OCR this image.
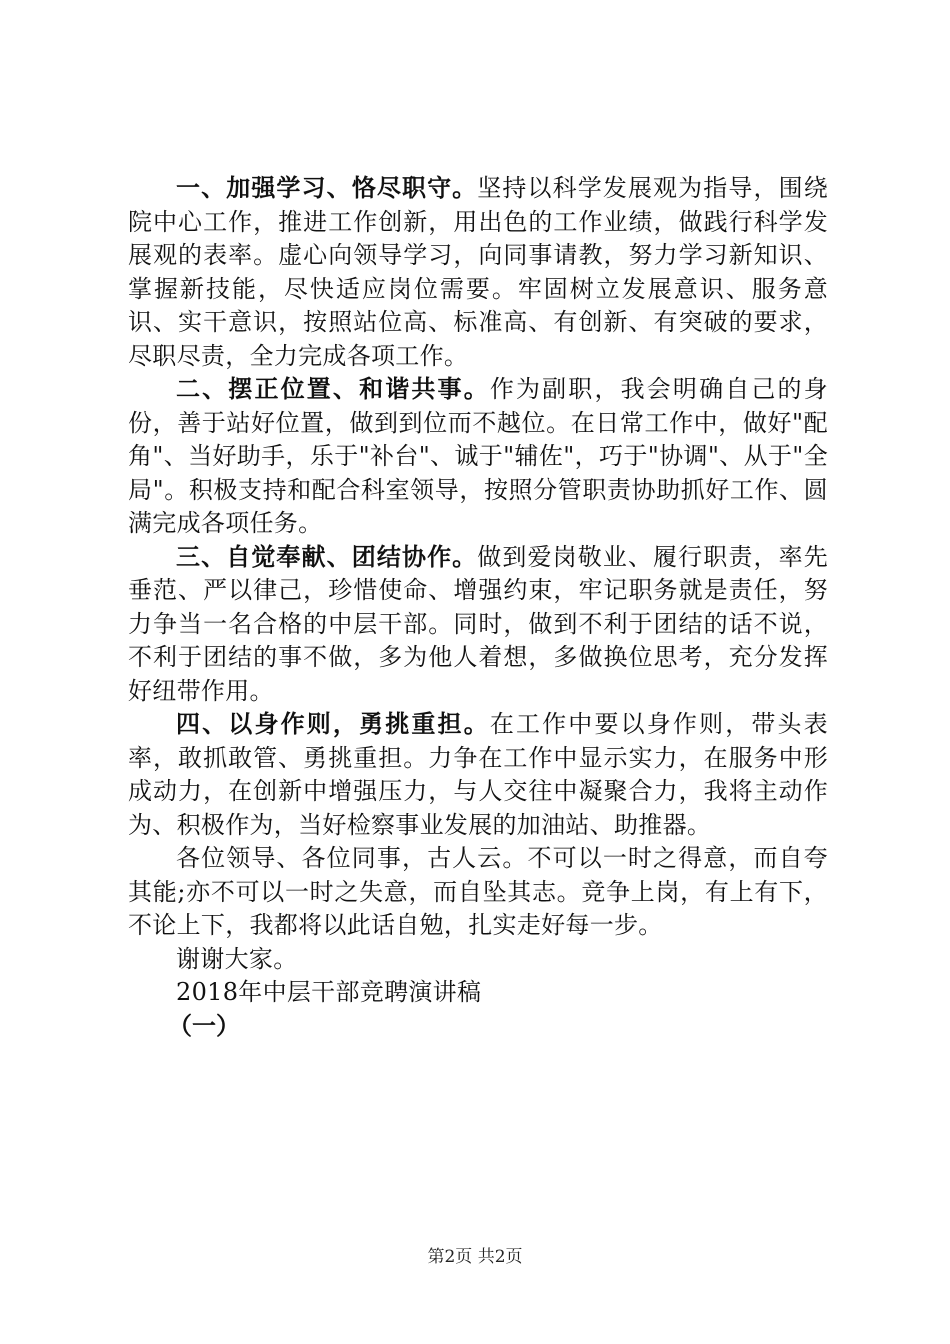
一、加强学习、恪尽职守。坚持以科学发展观为指导，围绕院中心工作，推进工作创新，用出色的工作业绩，做践行科学发展观的表率。虚心向领导学习，向同事请教，努力学习新知识、掌握新技能，尽快适应岗位需要。牢固树立发展意识、服务意识、实干意识，按照站位高、标准高、有创新、有突破的要求，尽职尽责，全力完成各项工作。

二、摆正位置、和谐共事。作为副职，我会明确自己的身份，善于站好位置，做到到位而不越位。在日常工作中，做好"配角"、当好助手，乐于"补台"、诚于"辅佐"，巧于"协调"、从于"全局"。积极支持和配合科室领导，按照分管职责协助抓好工作、圆满完成各项任务。

三、自觉奉献、团结协作。做到爱岗敬业、履行职责，率先垂范、严以律己，珍惜使命、增强约束，牢记职务就是责任，努力争当一名合格的中层干部。同时，做到不利于团结的话不说，不利于团结的事不做，多为他人着想，多做换位思考，充分发挥好纽带作用。

四、以身作则，勇挑重担。在工作中要以身作则，带头表率，敢抓敢管、勇挑重担。力争在工作中显示实力，在服务中形成动力，在创新中增强压力，与人交往中凝聚合力，我将主动作为、积极作为，当好检察事业发展的加油站、助推器。

各位领导、各位同事，古人云。不可以一时之得意，而自夸其能;亦不可以一时之失意，而自坠其志。竞争上岗，有上有下，不论上下，我都将以此话自勉，扎实走好每一步。

谢谢大家。

2018年中层干部竞聘演讲稿

（一）

第2页 共2页
